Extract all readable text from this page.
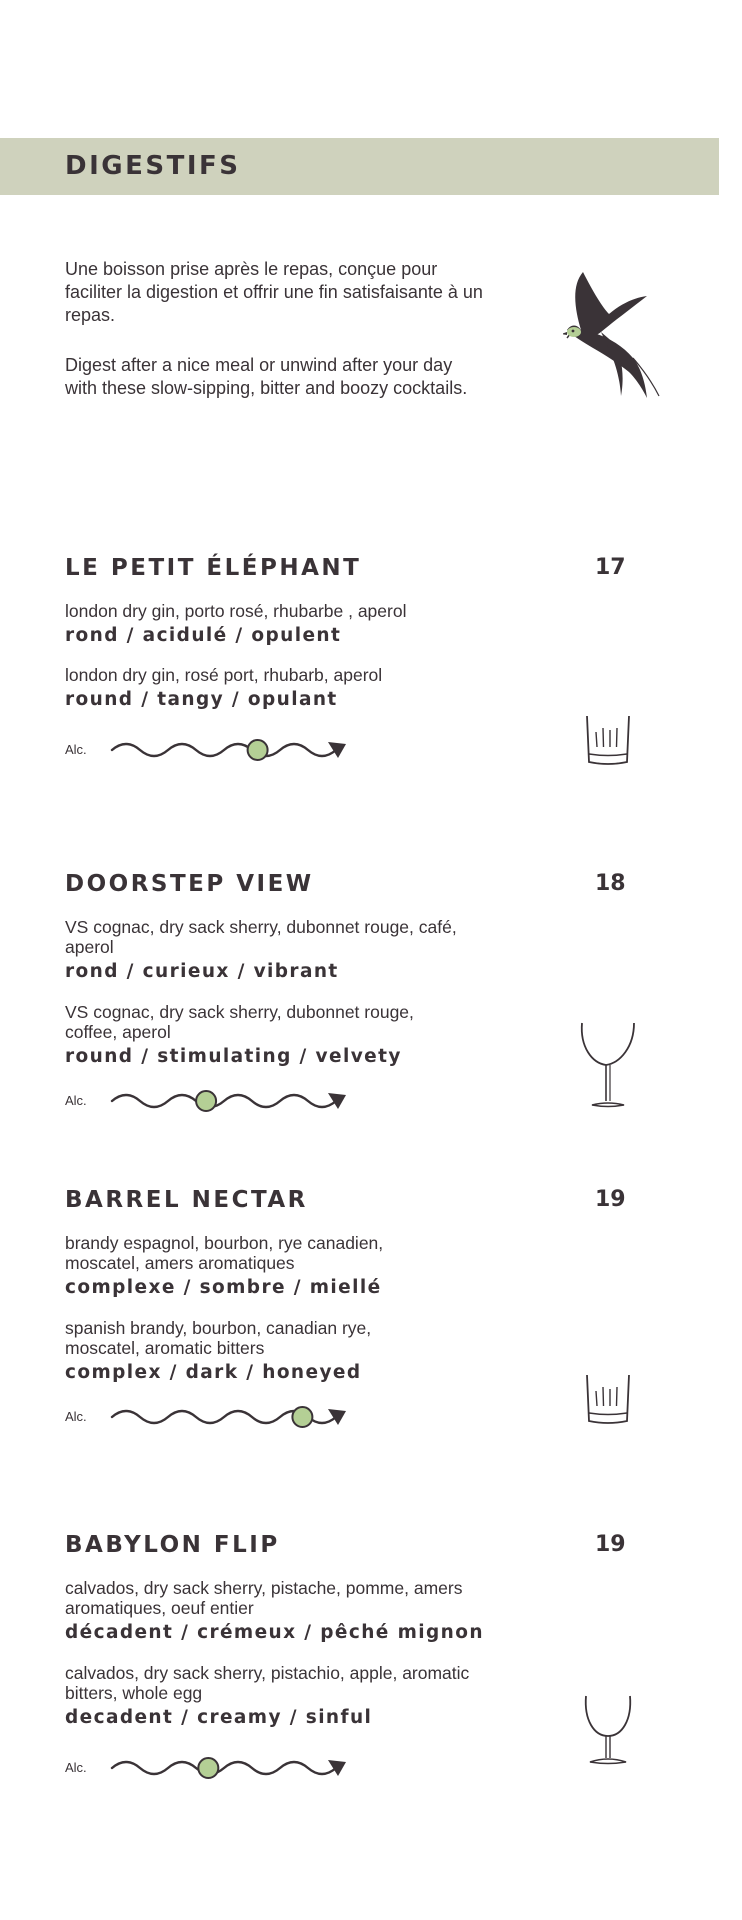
DIGESTIFS

Une boisson prise après le repas, conçue pour faciliter la digestion et offrir une fin satisfaisante à un repas.

Digest after a nice meal or unwind after your day with these slow-sipping, bitter and boozy cocktails.

LE PETIT ÉLÉPHANT	17

london dry gin, porto rosé, rhubarbe , aperol

rond / acidulé / opulent

london dry gin, rosé port, rhubarb, aperol

round / tangy / opulant
Alc.
DOORSTEP VIEW	18

VS cognac, dry sack sherry, dubonnet rouge, café, aperol

rond / curieux / vibrant

VS cognac, dry sack sherry, dubonnet rouge, coffee, aperol

round / stimulating / velvety
Alc.
BARREL NECTAR	19

brandy espagnol, bourbon, rye canadien, moscatel, amers aromatiques

complexe / sombre / miellé

spanish brandy, bourbon, canadian rye, moscatel, aromatic bitters

complex / dark / honeyed
Alc.
BABYLON FLIP	19

calvados, dry sack sherry, pistache, pomme, amers aromatiques, oeuf entier

décadent / crémeux / pêché mignon

calvados, dry sack sherry, pistachio, apple, aromatic bitters, whole egg

decadent / creamy / sinful
Alc.
